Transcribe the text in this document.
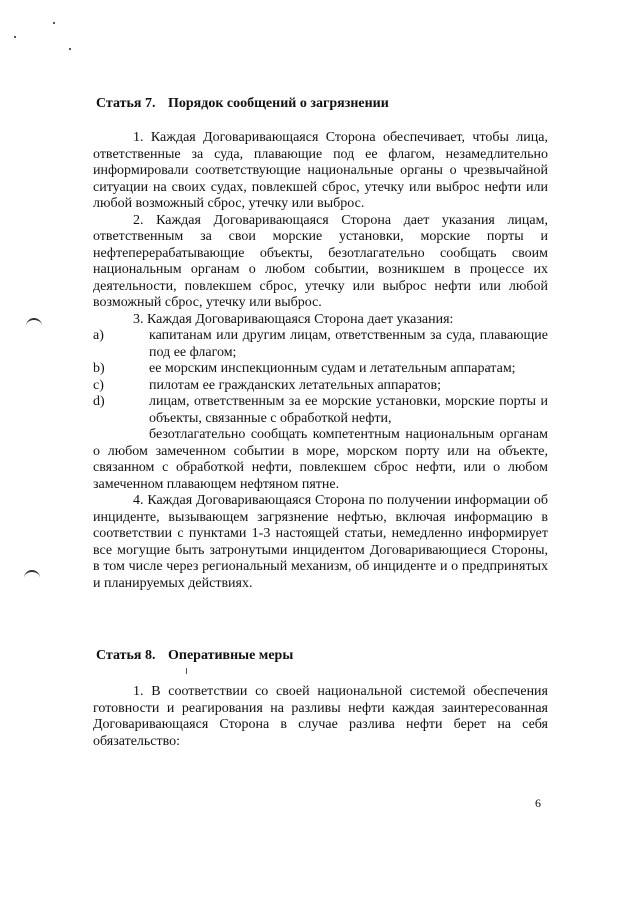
Статья 7. Порядок сообщений о загрязнении

1. Каждая Договаривающаяся Сторона обеспечивает, чтобы лица, ответственные за суда, плавающие под ее флагом, незамедлительно информировали соответствующие национальные органы о чрезвычайной ситуации на своих судах, повлекшей сброс, утечку или выброс нефти или любой возможный сброс, утечку или выброс.

2. Каждая Договаривающаяся Сторона дает указания лицам, ответственным за свои морские установки, морские порты и нефтеперерабатывающие объекты, безотлагательно сообщать своим национальным органам о любом событии, возникшем в процессе их деятельности, повлекшем сброс, утечку или выброс нефти или любой возможный сброс, утечку или выброс.

3. Каждая Договаривающаяся Сторона дает указания:

a)	капитанам или другим лицам, ответственным за суда, плавающие под ее флагом;
b)	ее морским инспекционным судам и летательным аппаратам;
c)	пилотам ее гражданских летательных аппаратов;
d)	лицам, ответственным за ее морские установки, морские порты и объекты, связанные с обработкой нефти,

безотлагательно сообщать компетентным национальным органам о любом замеченном событии в море, морском порту или на объекте, связанном с обработкой нефти, повлекшем сброс нефти, или о любом замеченном плавающем нефтяном пятне.

4. Каждая Договаривающаяся Сторона по получении информации об инциденте, вызывающем загрязнение нефтью, включая информацию в соответствии с пунктами 1-3 настоящей статьи, немедленно информирует все могущие быть затронутыми инцидентом Договаривающиеся Стороны, в том числе через региональный механизм, об инциденте и о предпринятых и планируемых действиях.

Статья 8. Оперативные меры

1. В соответствии со своей национальной системой обеспечения готовности и реагирования на разливы нефти каждая заинтересованная Договаривающаяся Сторона в случае разлива нефти берет на себя обязательство:

6
